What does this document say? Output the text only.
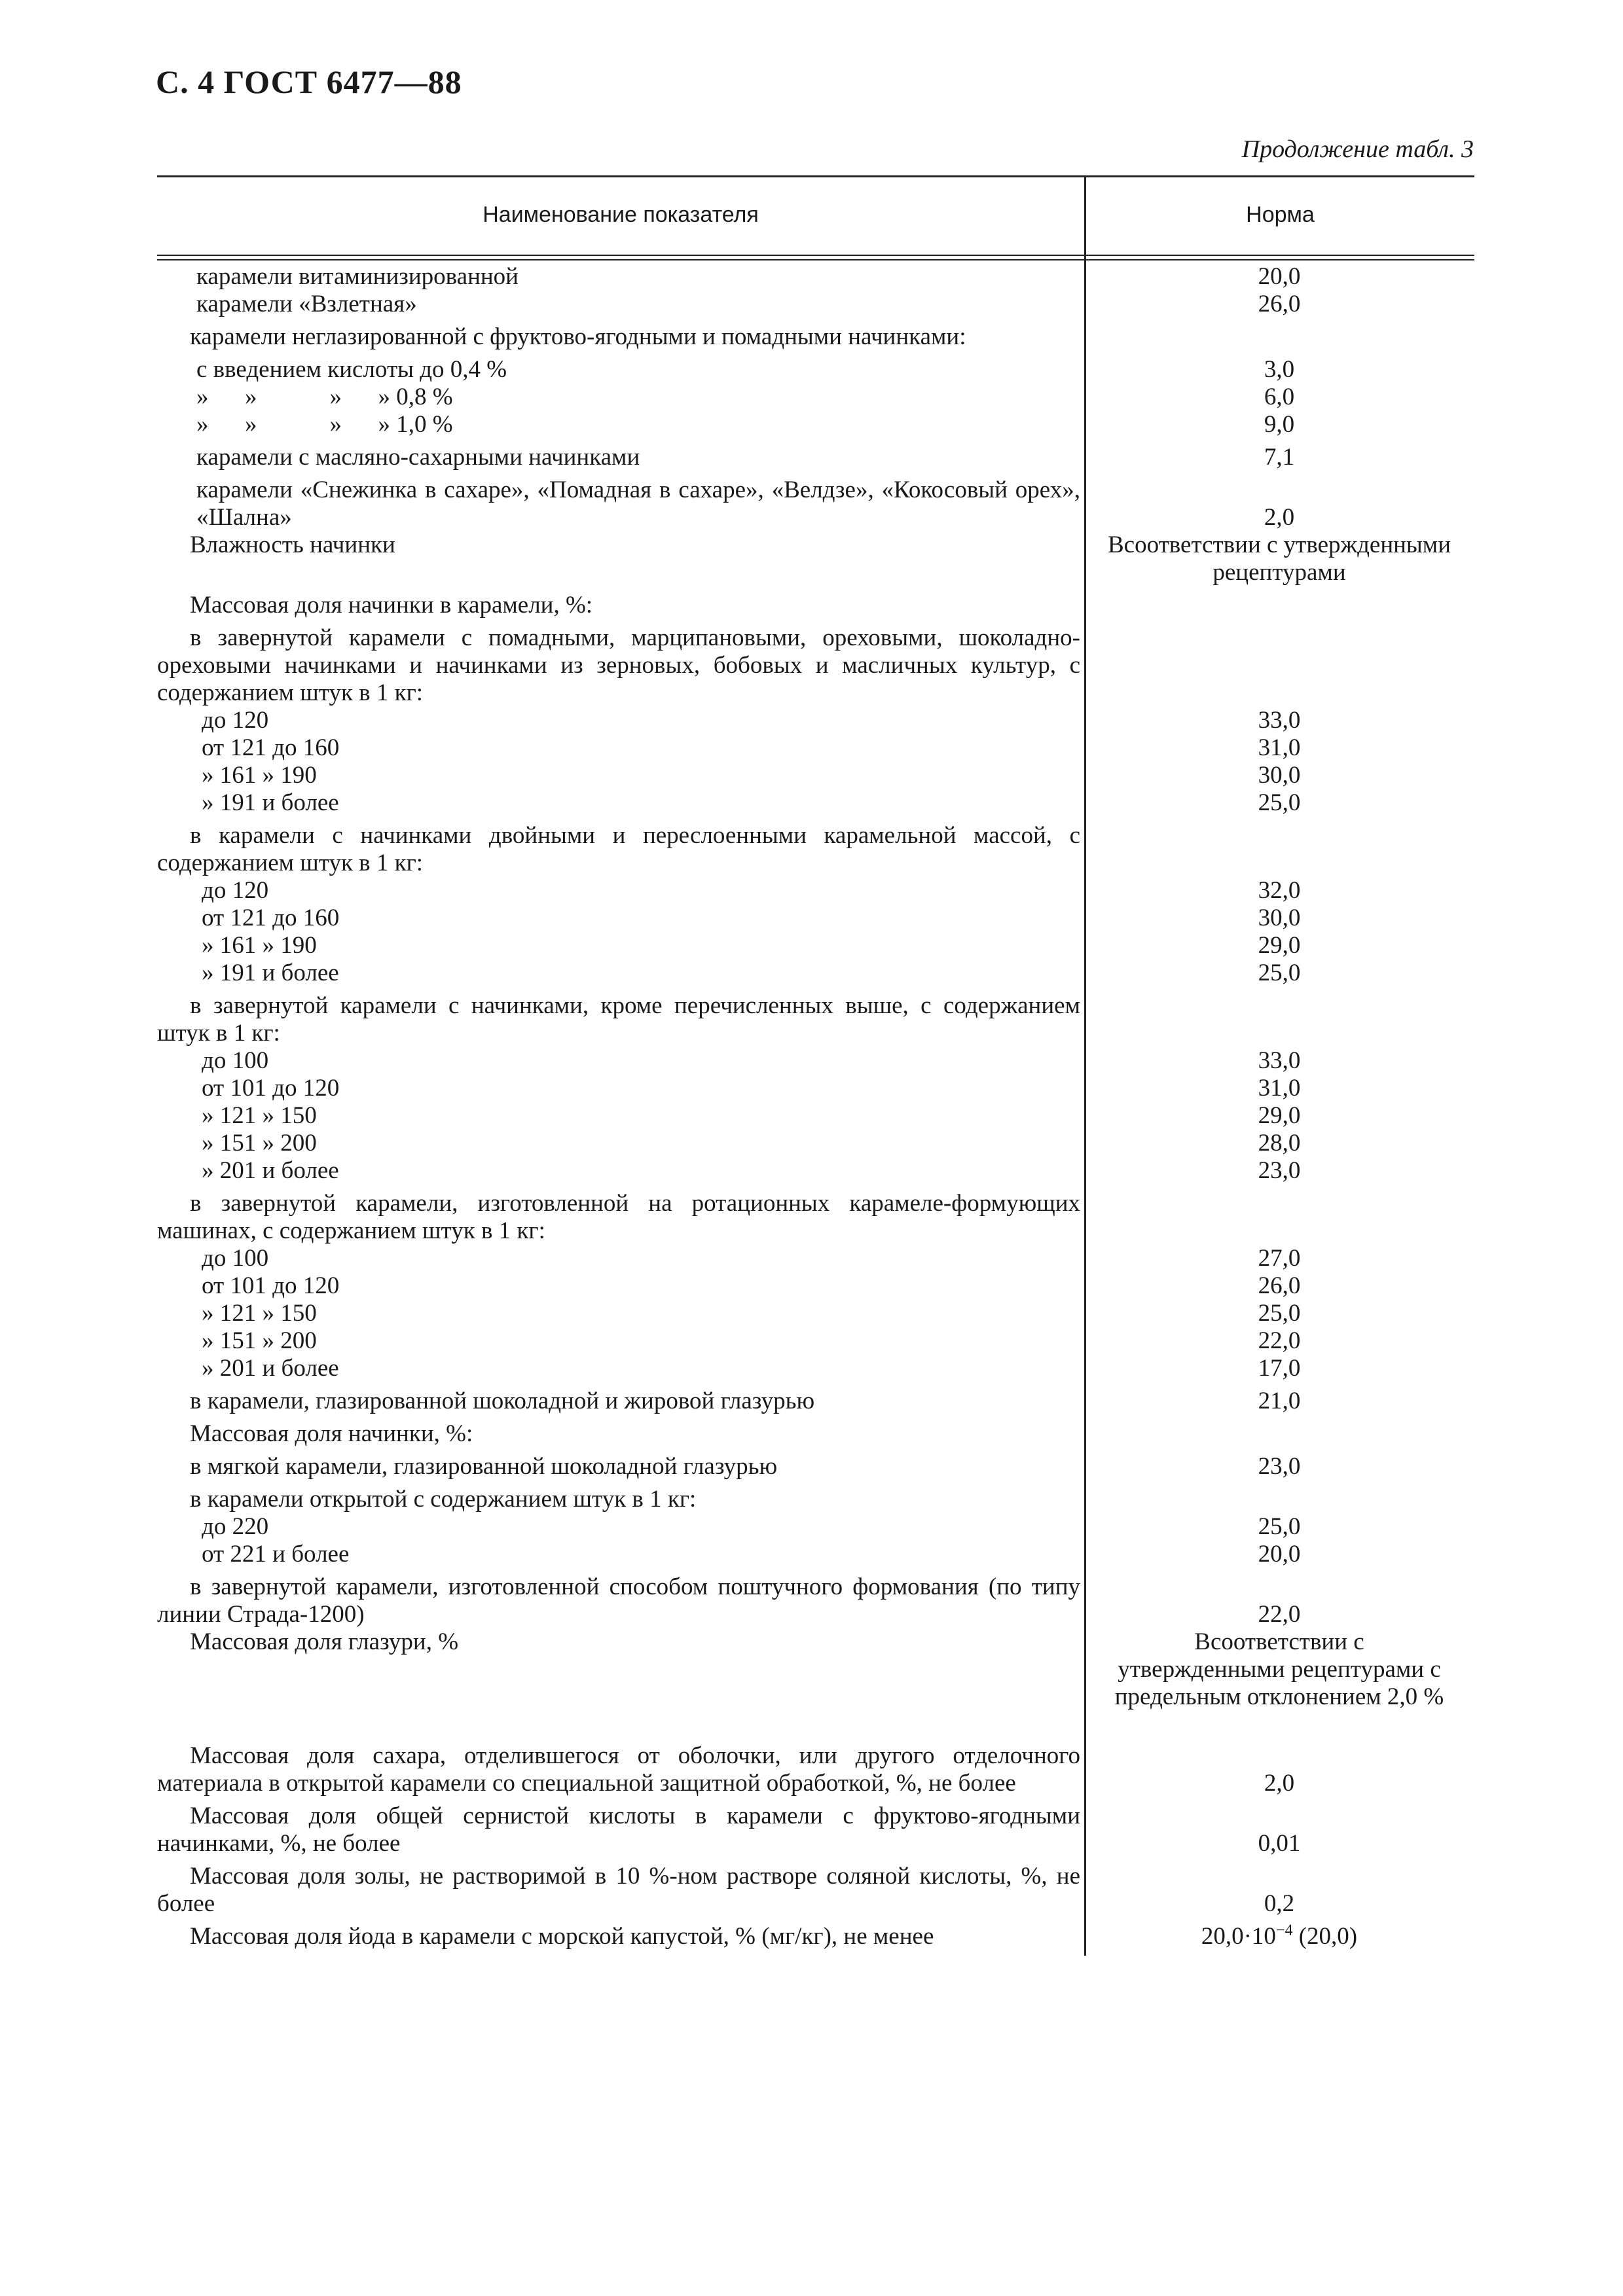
С. 4 ГОСТ 6477—88
Продолжение табл. 3
Наименование показателя	Норма
карамели витаминизированной	20,0
карамели «Взлетная»	26,0
карамели неглазированной с фруктово-ягодными и помадными начинками:
с введением кислоты до 0,4 %	3,0
»      »            »      » 0,8 %	6,0
»      »            »      » 1,0 %	9,0
карамели с масляно-сахарными начинками	7,1
карамели «Снежинка в сахаре», «Помадная в сахаре», «Велдзе», «Кокосовый орех», «Шална»	2,0
Влажность начинки	Всоответствии с утвержденными рецептурами
Массовая доля начинки в карамели, %:
в завернутой карамели с помадными, марципановыми, ореховыми, шоколадно-ореховыми начинками и начинками из зерновых, бобовых и масличных культур, с содержанием штук в 1 кг:
до 120	33,0
от 121 до 160	31,0
» 161 » 190	30,0
» 191 и более	25,0
в карамели с начинками двойными и переслоенными карамельной массой, с содержанием штук в 1 кг:
до 120	32,0
от 121 до 160	30,0
» 161 » 190	29,0
» 191 и более	25,0
в завернутой карамели с начинками, кроме перечисленных выше, с содержанием штук в 1 кг:
до 100	33,0
от 101 до 120	31,0
» 121 » 150	29,0
» 151 » 200	28,0
» 201 и более	23,0
в завернутой карамели, изготовленной на ротационных карамеле-формующих машинах, с содержанием штук в 1 кг:
до 100	27,0
от 101 до 120	26,0
» 121 » 150	25,0
» 151 » 200	22,0
» 201 и более	17,0
в карамели, глазированной шоколадной и жировой глазурью	21,0
Массовая доля начинки, %:
в мягкой карамели, глазированной шоколадной глазурью	23,0
в карамели открытой с содержанием штук в 1 кг:
до 220	25,0
от 221 и более	20,0
в завернутой карамели, изготовленной способом поштучного формования (по типу линии Страда-1200)	22,0
Массовая доля глазури, %	Всоответствии с утвержденными рецептурами с предельным отклонением 2,0 %
Массовая доля сахара, отделившегося от оболочки, или другого отделочного материала в открытой карамели со специальной защитной обработкой, %, не более	2,0
Массовая доля общей сернистой кислоты в карамели с фруктово-ягодными начинками, %, не более	0,01
Массовая доля золы, не растворимой в 10 %-ном растворе соляной кислоты, %, не более	0,2
Массовая доля йода в карамели с морской капустой, % (мг/кг), не менее	$20,0\cdot 10^{-4}$ (20,0)
